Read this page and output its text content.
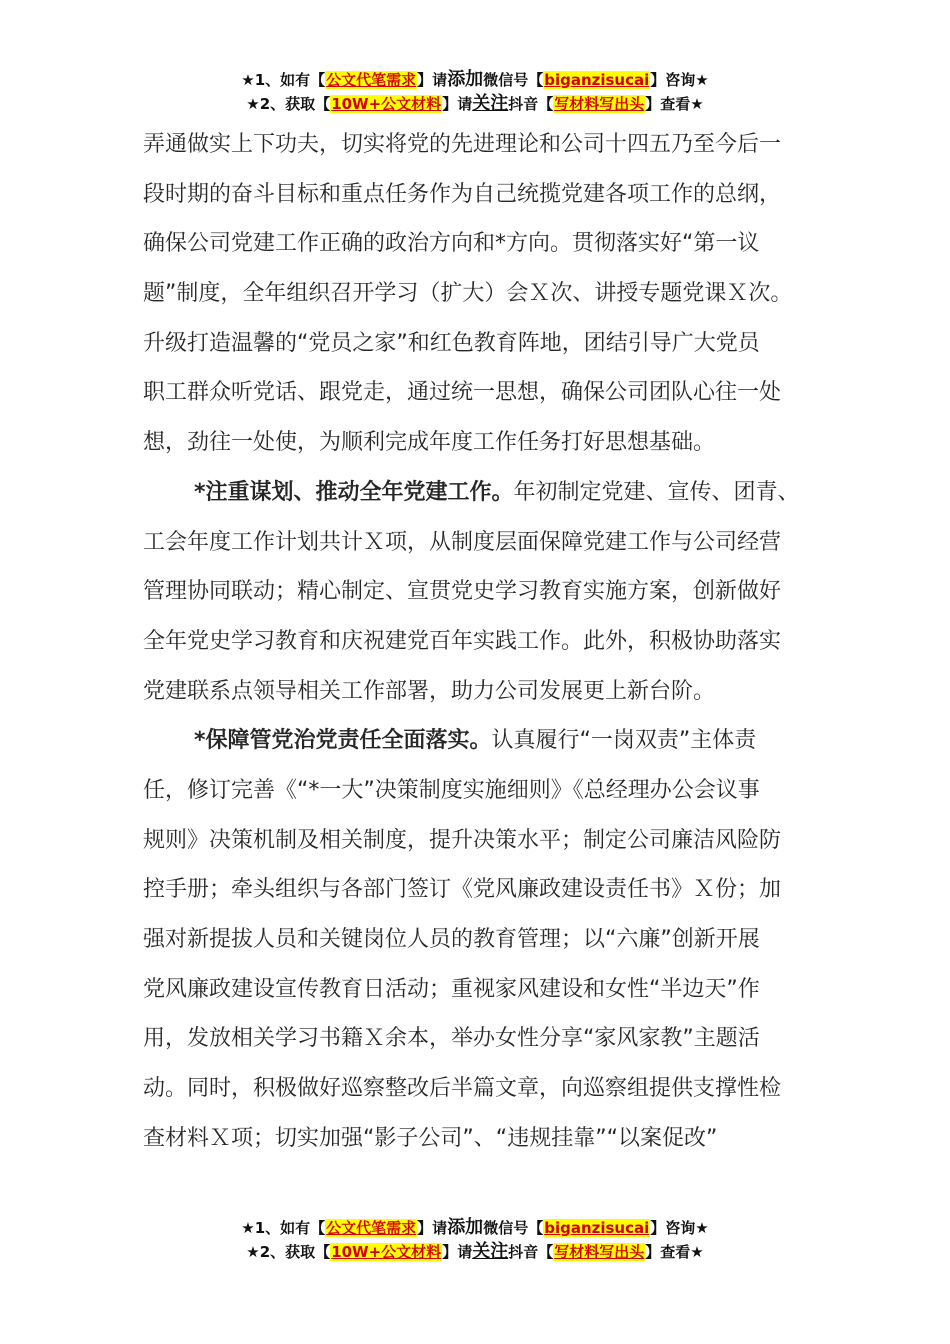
★1、如有【公文代笔需求】请添加微信号【biganzisucai】咨询★
★2、获取【10W+公文材料】请关注抖音【写材料写出头】查看★
弄通做实上下功夫，切实将党的先进理论和公司十四五乃至今后一
段时期的奋斗目标和重点任务作为自己统揽党建各项工作的总纲，
确保公司党建工作正确的政治方向和*方向。贯彻落实好“第一议
题”制度，全年组织召开学习（扩大）会Ｘ次、讲授专题党课Ｘ次。
升级打造温馨的“党员之家”和红色教育阵地，团结引导广大党员
职工群众听党话、跟党走，通过统一思想，确保公司团队心往一处
想，劲往一处使，为顺利完成年度工作任务打好思想基础。
*注重谋划、推动全年党建工作。年初制定党建、宣传、团青、
工会年度工作计划共计Ｘ项，从制度层面保障党建工作与公司经营
管理协同联动；精心制定、宣贯党史学习教育实施方案，创新做好
全年党史学习教育和庆祝建党百年实践工作。此外，积极协助落实
党建联系点领导相关工作部署，助力公司发展更上新台阶。
*保障管党治党责任全面落实。认真履行“一岗双责”主体责
任，修订完善《“*一大”决策制度实施细则》《总经理办公会议事
规则》决策机制及相关制度，提升决策水平；制定公司廉洁风险防
控手册；牵头组织与各部门签订《党风廉政建设责任书》Ｘ份；加
强对新提拔人员和关键岗位人员的教育管理；以“六廉”创新开展
党风廉政建设宣传教育日活动；重视家风建设和女性“半边天”作
用，发放相关学习书籍Ｘ余本，举办女性分享“家风家教”主题活
动。同时，积极做好巡察整改后半篇文章，向巡察组提供支撑性检
查材料Ｘ项；切实加强“影子公司”、“违规挂靠”“以案促改”
★1、如有【公文代笔需求】请添加微信号【biganzisucai】咨询★
★2、获取【10W+公文材料】请关注抖音【写材料写出头】查看★
